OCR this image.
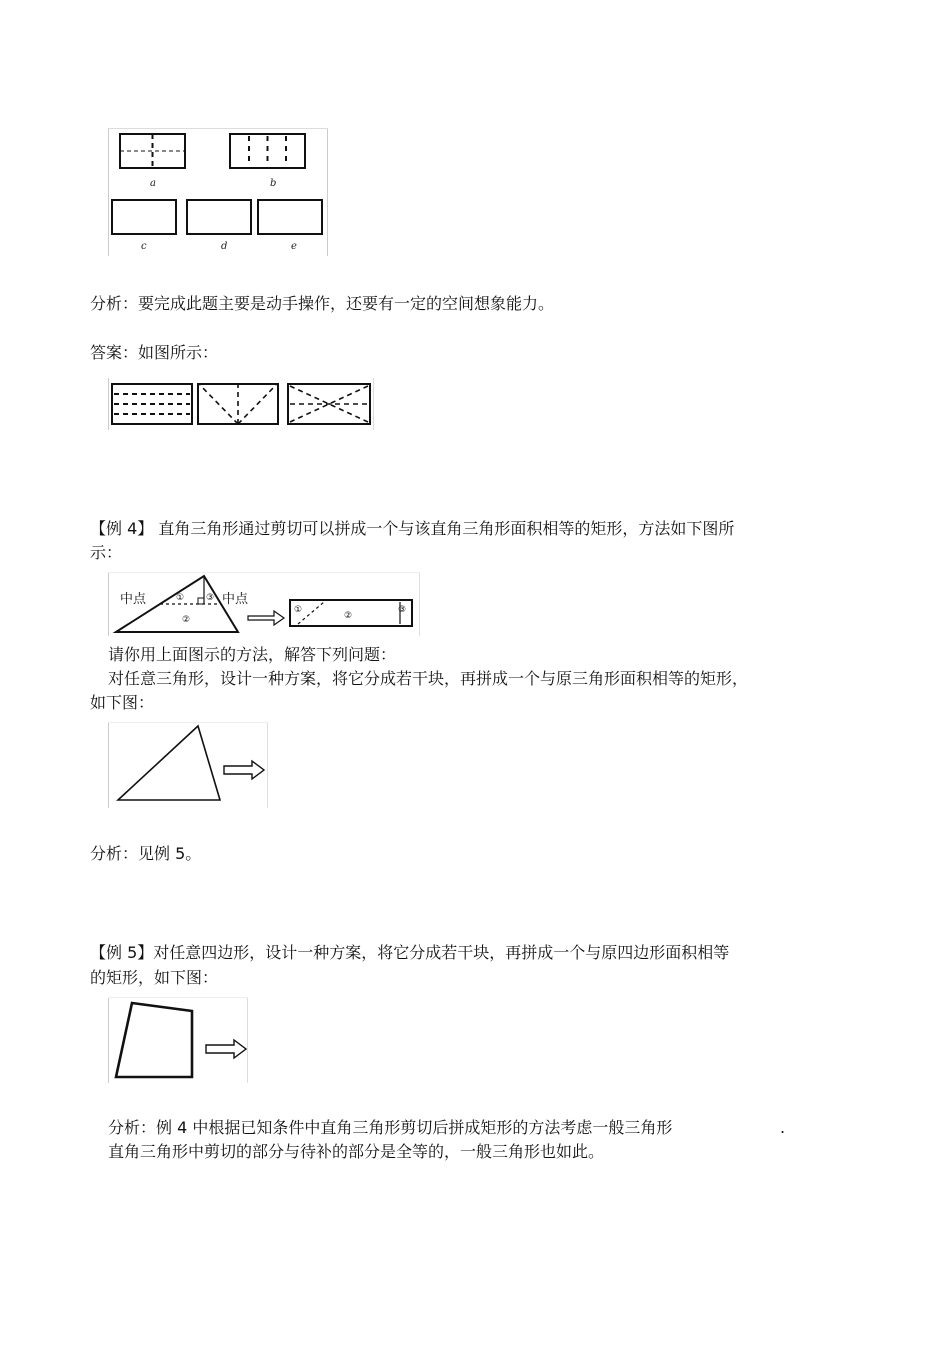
a	b
c	d	e
分析：要完成此题主要是动手操作，还要有一定的空间想象能力。
答案：如图所示：
【例 4】 直角三角形通过剪切可以拼成一个与该直角三角形面积相等的矩形，方法如下图所
示：
中点	中点
① ③
②
①
②
③
请你用上面图示的方法，解答下列问题：
对任意三角形，设计一种方案，将它分成若干块，再拼成一个与原三角形面积相等的矩形，
如下图：
分析：见例 5。
【例 5】对任意四边形，设计一种方案，将它分成若干块，再拼成一个与原四边形面积相等
的矩形，如下图：
分析：例 4 中根据已知条件中直角三角形剪切后拼成矩形的方法考虑一般三角形	.
直角三角形中剪切的部分与待补的部分是全等的，一般三角形也如此。
